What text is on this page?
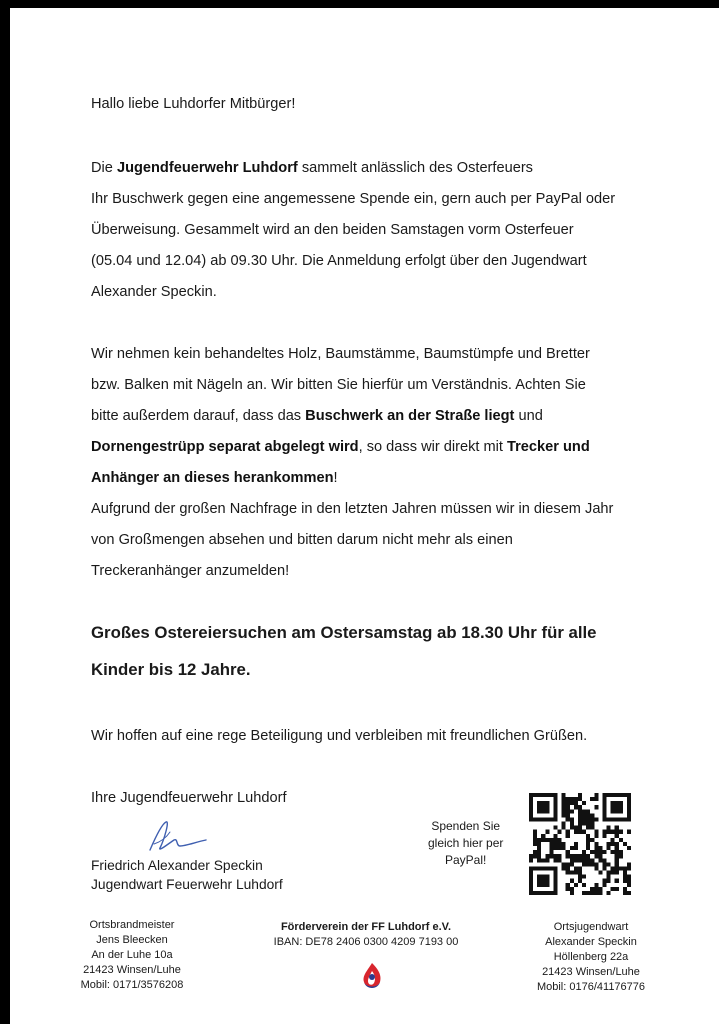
Hallo liebe Luhdorfer Mitbürger!
Die Jugendfeuerwehr Luhdorf sammelt anlässlich des Osterfeuers
Ihr Buschwerk gegen eine angemessene Spende ein, gern auch per PayPal oder
Überweisung. Gesammelt wird an den beiden Samstagen vorm Osterfeuer
(05.04 und 12.04) ab 09.30 Uhr. Die Anmeldung erfolgt über den Jugendwart
Alexander Speckin.
Wir nehmen kein behandeltes Holz, Baumstämme, Baumstümpfe und Bretter
bzw. Balken mit Nägeln an. Wir bitten Sie hierfür um Verständnis. Achten Sie
bitte außerdem darauf, dass das Buschwerk an der Straße liegt und
Dornengestrüpp separat abgelegt wird, so dass wir direkt mit Trecker und
Anhänger an dieses herankommen!
Aufgrund der großen Nachfrage in den letzten Jahren müssen wir in diesem Jahr
von Großmengen absehen und bitten darum nicht mehr als einen
Treckeranhänger anzumelden!
Großes Ostereiersuchen am Ostersamstag ab 18.30 Uhr für alle
Kinder bis 12 Jahre.
Wir hoffen auf eine rege Beteiligung und verbleiben mit freundlichen Grüßen.
Ihre Jugendfeuerwehr Luhdorf
Friedrich Alexander Speckin
Jugendwart Feuerwehr Luhdorf
Spenden Sie
gleich hier per
PayPal!
Ortsbrandmeister
Jens Bleecken
An der Luhe 10a
21423 Winsen/Luhe
Mobil: 0171/3576208
Förderverein der FF Luhdorf e.V.
IBAN: DE78 2406 0300 4209 7193 00
Ortsjugendwart
Alexander Speckin
Höllenberg 22a
21423 Winsen/Luhe
Mobil: 0176/41176776
